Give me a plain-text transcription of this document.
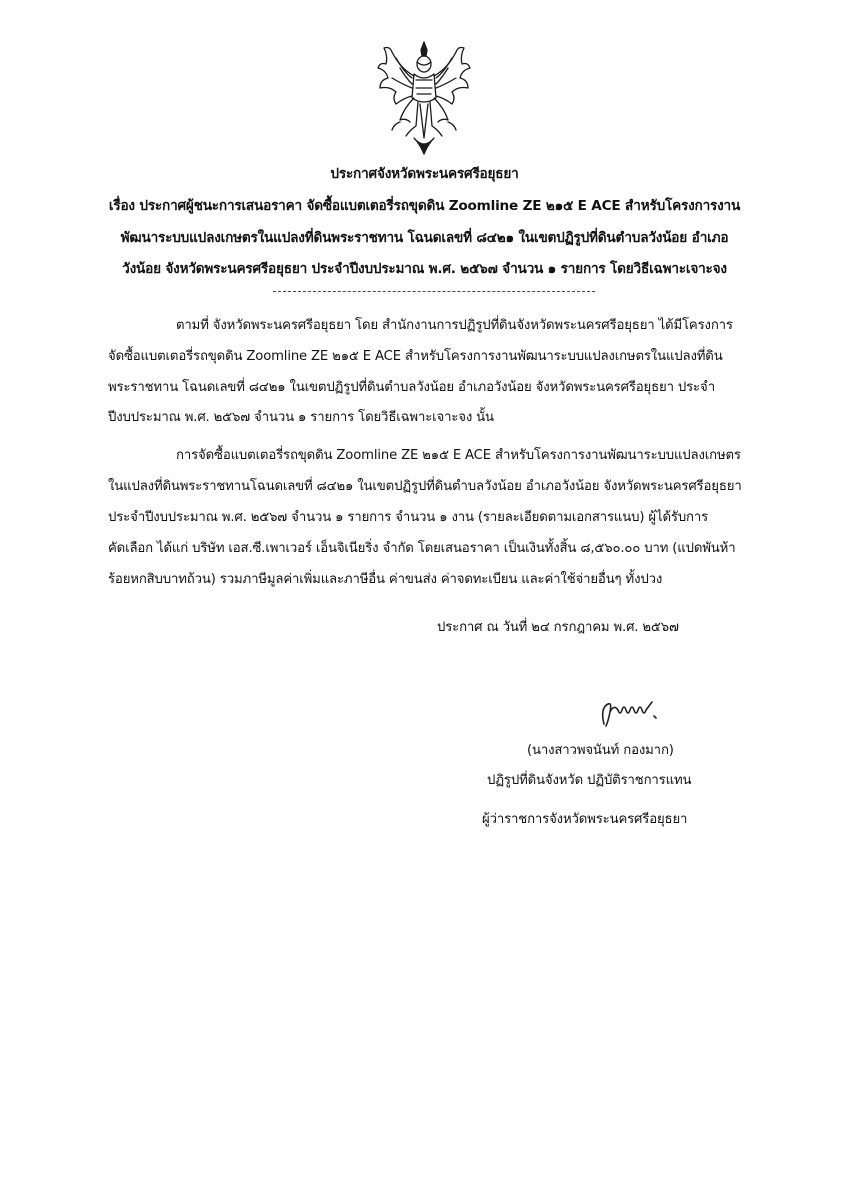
ประกาศจังหวัดพระนครศรีอยุธยา
เรื่อง ประกาศผู้ชนะการเสนอราคา จัดซื้อแบตเตอรี่รถขุดดิน Zoomline ZE ๒๑๕ E ACE สำหรับโครงการงาน
พัฒนาระบบแปลงเกษตรในแปลงที่ดินพระราชทาน โฉนดเลขที่ ๘๔๒๑ ในเขตปฏิรูปที่ดินตำบลวังน้อย อำเภอ
วังน้อย จังหวัดพระนครศรีอยุธยา ประจำปีงบประมาณ พ.ศ. ๒๕๖๗ จำนวน ๑ รายการ โดยวิธีเฉพาะเจาะจง
ตามที่ จังหวัดพระนครศรีอยุธยา โดย สำนักงานการปฏิรูปที่ดินจังหวัดพระนครศรีอยุธยา ได้มีโครงการ
จัดซื้อแบตเตอรี่รถขุดดิน Zoomline ZE ๒๑๕ E ACE สำหรับโครงการงานพัฒนาระบบแปลงเกษตรในแปลงที่ดิน
พระราชทาน โฉนดเลขที่ ๘๔๒๑ ในเขตปฏิรูปที่ดินตำบลวังน้อย อำเภอวังน้อย จังหวัดพระนครศรีอยุธยา ประจำ
ปีงบประมาณ พ.ศ. ๒๕๖๗ จำนวน ๑ รายการ โดยวิธีเฉพาะเจาะจง นั้น
การจัดซื้อแบตเตอรี่รถขุดดิน Zoomline ZE ๒๑๕ E ACE สำหรับโครงการงานพัฒนาระบบแปลงเกษตร
ในแปลงที่ดินพระราชทานโฉนดเลขที่ ๘๔๒๑ ในเขตปฏิรูปที่ดินตำบลวังน้อย อำเภอวังน้อย จังหวัดพระนครศรีอยุธยา
ประจำปีงบประมาณ พ.ศ. ๒๕๖๗ จำนวน ๑ รายการ จำนวน ๑ งาน (รายละเอียดตามเอกสารแนบ) ผู้ได้รับการ
คัดเลือก ได้แก่ บริษัท เอส.ซี.เพาเวอร์ เอ็นจิเนียริ่ง จำกัด โดยเสนอราคา เป็นเงินทั้งสิ้น ๘,๕๖๐.๐๐ บาท (แปดพันห้า
ร้อยหกสิบบาทถ้วน) รวมภาษีมูลค่าเพิ่มและภาษีอื่น ค่าขนส่ง ค่าจดทะเบียน และค่าใช้จ่ายอื่นๆ ทั้งปวง
ประกาศ ณ วันที่ ๒๔ กรกฎาคม พ.ศ. ๒๕๖๗
(นางสาวพจนันท์ กองมาก)
ปฏิรูปที่ดินจังหวัด ปฏิบัติราชการแทน
ผู้ว่าราชการจังหวัดพระนครศรีอยุธยา
